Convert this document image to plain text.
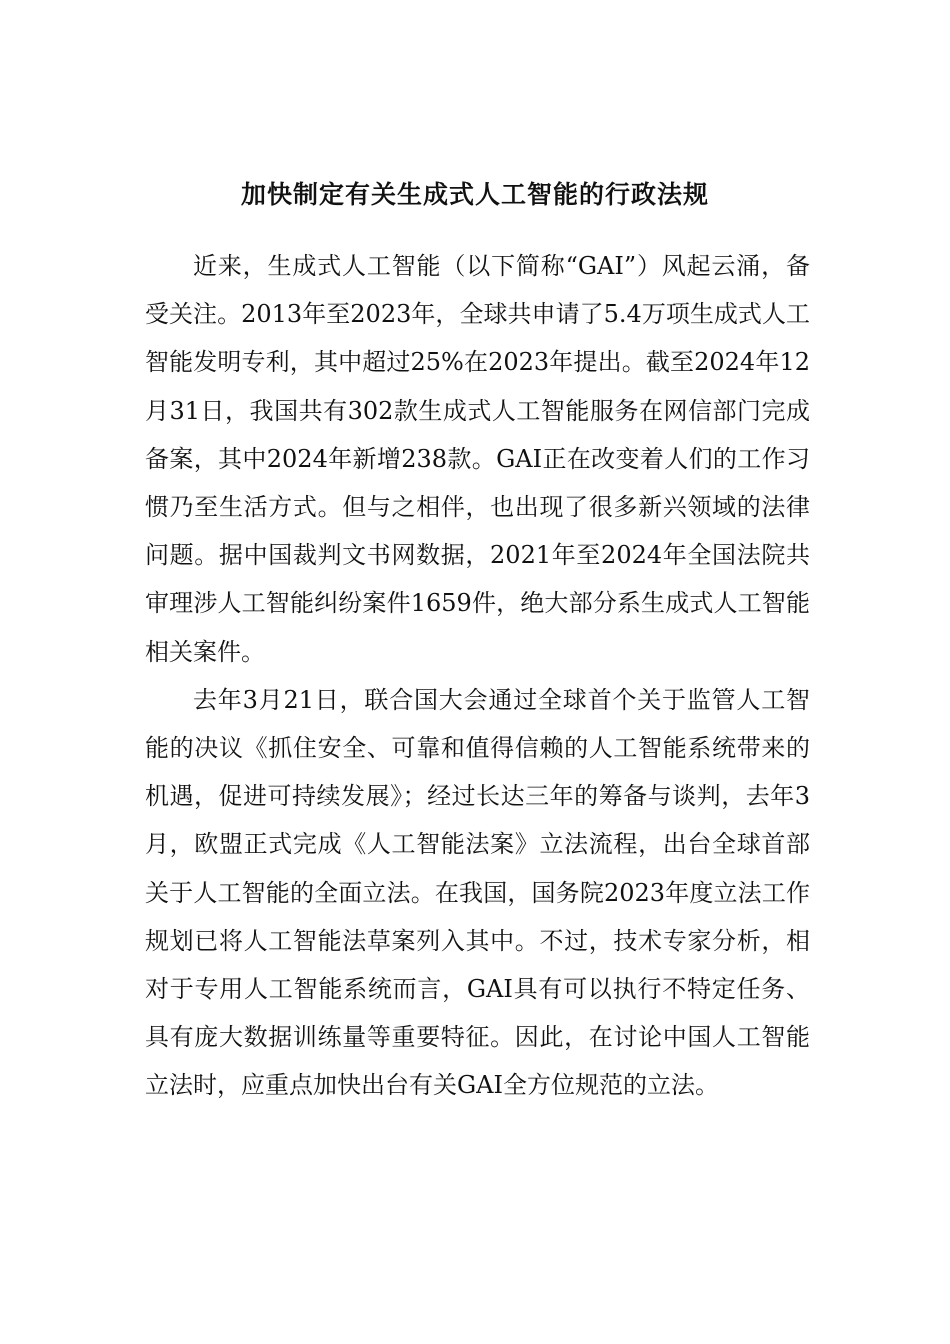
加快制定有关生成式人工智能的行政法规

近来，生成式人工智能（以下简称“GAI”）风起云涌，备受关注。2013年至2023年，全球共申请了5.4万项生成式人工智能发明专利，其中超过25%在2023年提出。截至2024年12月31日，我国共有302款生成式人工智能服务在网信部门完成备案，其中2024年新增238款。GAI正在改变着人们的工作习惯乃至生活方式。但与之相伴，也出现了很多新兴领域的法律问题。据中国裁判文书网数据，2021年至2024年全国法院共审理涉人工智能纠纷案件1659件，绝大部分系生成式人工智能相关案件。

去年3月21日，联合国大会通过全球首个关于监管人工智能的决议《抓住安全、可靠和值得信赖的人工智能系统带来的机遇，促进可持续发展》；经过长达三年的筹备与谈判，去年3月，欧盟正式完成《人工智能法案》立法流程，出台全球首部关于人工智能的全面立法。在我国，国务院2023年度立法工作规划已将人工智能法草案列入其中。不过，技术专家分析，相对于专用人工智能系统而言，GAI具有可以执行不特定任务、具有庞大数据训练量等重要特征。因此，在讨论中国人工智能立法时，应重点加快出台有关GAI全方位规范的立法。
